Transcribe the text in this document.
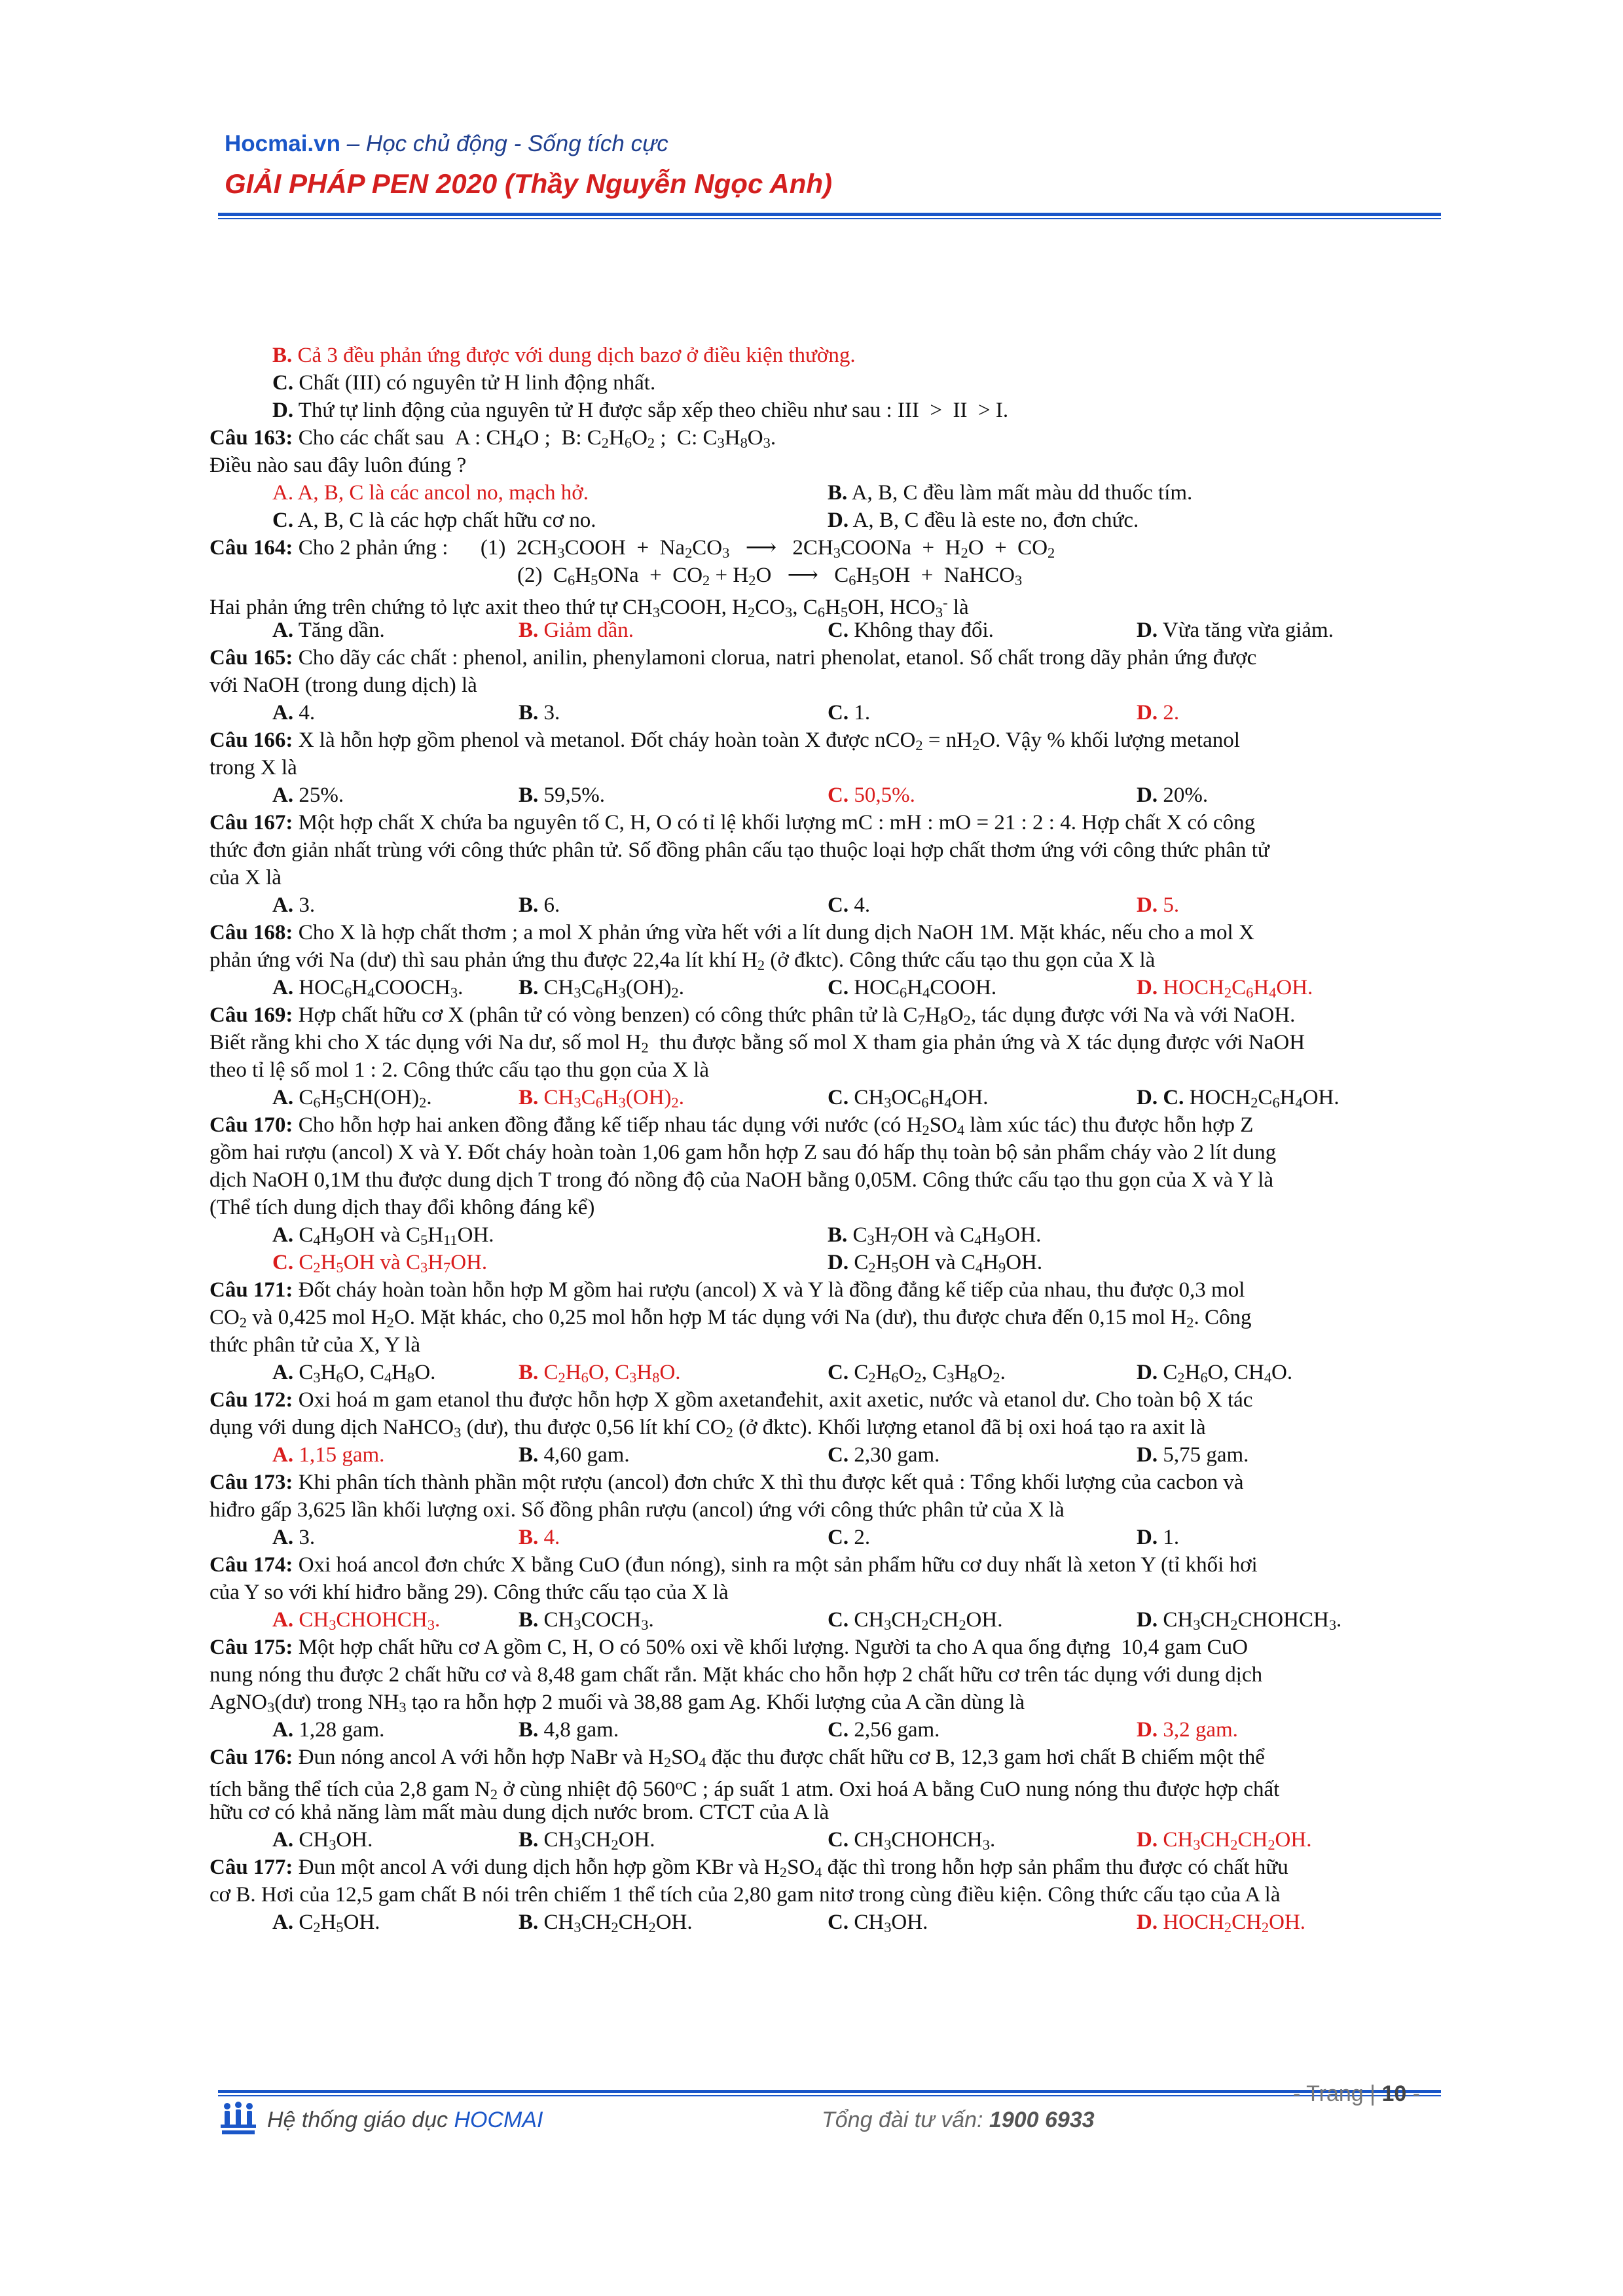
Hocmai.vn – Học chủ động - Sống tích cực
GIẢI PHÁP PEN 2020 (Thầy Nguyễn Ngọc Anh)
B. Cả 3 đều phản ứng được với dung dịch bazơ ở điều kiện thường.
C. Chất (III) có nguyên tử H linh động nhất.
D. Thứ tự linh động của nguyên tử H được sắp xếp theo chiều như sau : III  >  II  > I.
Câu 163: Cho các chất sau  A : $CH_4O$ ;  B: $C_2H_6O_2$ ;  C: $C_3H_8O_3$.
Điều nào sau đây luôn đúng ?
A. A, B, C là các ancol no, mạch hở.	B. A, B, C đều làm mất màu dd thuốc tím.
C. A, B, C là các hợp chất hữu cơ no.	D. A, B, C đều là este no, đơn chức.
Câu 164: Cho 2 phản ứng :      (1)  $2CH_3COOH + Na_2CO_3$ ⟶ $2CH_3COONa + H_2O + CO_2$
(2)  $C_6H_5ONa + CO_2 + H_2O$ ⟶ $C_6H_5OH$  +  NaHCO$_3$
Hai phản ứng trên chứng tỏ lực axit theo thứ tự $CH_3COOH$, $H_2CO_3$, $C_6H_5OH$, $HCO_3^-$ là
A. Tăng dần.	B. Giảm dần.	C. Không thay đổi.	D. Vừa tăng vừa giảm.
Câu 165: Cho dãy các chất : phenol, anilin, phenylamoni clorua, natri phenolat, etanol. Số chất trong dãy phản ứng được
với NaOH (trong dung dịch) là
A. 4.	B. 3.	C. 1.	D. 2.
Câu 166: X là hỗn hợp gồm phenol và metanol. Đốt cháy hoàn toàn X được $nCO_2 = nH_2O$. Vậy % khối lượng metanol
trong X là
A. 25%.	B. 59,5%.	C. 50,5%.	D. 20%.
Câu 167: Một hợp chất X chứa ba nguyên tố C, H, O có tỉ lệ khối lượng mC : mH : mO = 21 : 2 : 4. Hợp chất X có công
thức đơn giản nhất trùng với công thức phân tử. Số đồng phân cấu tạo thuộc loại hợp chất thơm ứng với công thức phân tử
của X là
A. 3.	B. 6.	C. 4.	D. 5.
Câu 168: Cho X là hợp chất thơm ; a mol X phản ứng vừa hết với a lít dung dịch NaOH 1M. Mặt khác, nếu cho a mol X
phản ứng với Na (dư) thì sau phản ứng thu được 22,4a lít khí $H_2$ (ở đktc). Công thức cấu tạo thu gọn của X là
A. $HOC_6H_4COOCH_3$.	B. $CH_3C_6H_3(OH)_2$.	C. $HOC_6H_4COOH$.	D. $HOCH_2C_6H_4OH$.
Câu 169: Hợp chất hữu cơ X (phân tử có vòng benzen) có công thức phân tử là $C_7H_8O_2$, tác dụng được với Na và với NaOH.
Biết rằng khi cho X tác dụng với Na dư, số mol $H_2$  thu được bằng số mol X tham gia phản ứng và X tác dụng được với NaOH
theo tỉ lệ số mol 1 : 2. Công thức cấu tạo thu gọn của X là
A. $C_6H_5CH(OH)_2$.	B. $CH_3C_6H_3(OH)_2$.	C. $CH_3OC_6H_4OH$.	D. C. $HOCH_2C_6H_4OH$.
Câu 170: Cho hỗn hợp hai anken đồng đẳng kế tiếp nhau tác dụng với nước (có $H_2SO_4$ làm xúc tác) thu được hỗn hợp Z
gồm hai rượu (ancol) X và Y. Đốt cháy hoàn toàn 1,06 gam hỗn hợp Z sau đó hấp thụ toàn bộ sản phẩm cháy vào 2 lít dung
dịch NaOH 0,1M thu được dung dịch T trong đó nồng độ của NaOH bằng 0,05M. Công thức cấu tạo thu gọn của X và Y là
(Thể tích dung dịch thay đổi không đáng kể)
A. $C_4H_9OH$ và $C_5H_{11}OH$.	B. $C_3H_7OH$ và $C_4H_9OH$.
C. $C_2H_5OH$ và $C_3H_7OH$.	D. $C_2H_5OH$ và $C_4H_9OH$.
Câu 171: Đốt cháy hoàn toàn hỗn hợp M gồm hai rượu (ancol) X và Y là đồng đẳng kế tiếp của nhau, thu được 0,3 mol
$CO_2$ và 0,425 mol $H_2O$. Mặt khác, cho 0,25 mol hỗn hợp M tác dụng với Na (dư), thu được chưa đến 0,15 mol $H_2$. Công
thức phân tử của X, Y là
A. $C_3H_6O$, $C_4H_8O$.	B. $C_2H_6O$, $C_3H_8O$.	C. $C_2H_6O_2$, $C_3H_8O_2$.	D. $C_2H_6O$, $CH_4O$.
Câu 172: Oxi hoá m gam etanol thu được hỗn hợp X gồm axetanđehit, axit axetic, nước và etanol dư. Cho toàn bộ X tác
dụng với dung dịch NaHCO$_3$ (dư), thu được 0,56 lít khí $CO_2$ (ở đktc). Khối lượng etanol đã bị oxi hoá tạo ra axit là
A. 1,15 gam.	B. 4,60 gam.	C. 2,30 gam.	D. 5,75 gam.
Câu 173: Khi phân tích thành phần một rượu (ancol) đơn chức X thì thu được kết quả : Tổng khối lượng của cacbon và
hiđro gấp 3,625 lần khối lượng oxi. Số đồng phân rượu (ancol) ứng với công thức phân tử của X là
A. 3.	B. 4.	C. 2.	D. 1.
Câu 174: Oxi hoá ancol đơn chức X bằng CuO (đun nóng), sinh ra một sản phẩm hữu cơ duy nhất là xeton Y (tỉ khối hơi
của Y so với khí hiđro bằng 29). Công thức cấu tạo của X là
A. $CH_3CHOHCH_3$.	B. $CH_3COCH_3$.	C. $CH_3CH_2CH_2OH$.	D. $CH_3CH_2CHOHCH_3$.
Câu 175: Một hợp chất hữu cơ A gồm C, H, O có 50% oxi về khối lượng. Người ta cho A qua ống đựng  10,4 gam CuO
nung nóng thu được 2 chất hữu cơ và 8,48 gam chất rắn. Mặt khác cho hỗn hợp 2 chất hữu cơ trên tác dụng với dung dịch
AgNO$_3$(dư) trong $NH_3$ tạo ra hỗn hợp 2 muối và 38,88 gam Ag. Khối lượng của A cần dùng là
A. 1,28 gam.	B. 4,8 gam.	C. 2,56 gam.	D. 3,2 gam.
Câu 176: Đun nóng ancol A với hỗn hợp NaBr và $H_2SO_4$ đặc thu được chất hữu cơ B, 12,3 gam hơi chất B chiếm một thể
tích bằng thể tích của 2,8 gam $N_2$ ở cùng nhiệt độ 560$^o$C ; áp suất 1 atm. Oxi hoá A bằng CuO nung nóng thu được hợp chất
hữu cơ có khả năng làm mất màu dung dịch nước brom. CTCT của A là
A. $CH_3OH$.	B. $CH_3CH_2OH$.	C. $CH_3CHOHCH_3$.	D. $CH_3CH_2CH_2OH$.
Câu 177: Đun một ancol A với dung dịch hỗn hợp gồm KBr và $H_2SO_4$ đặc thì trong hỗn hợp sản phẩm thu được có chất hữu
cơ B. Hơi của 12,5 gam chất B nói trên chiếm 1 thể tích của 2,80 gam nitơ trong cùng điều kiện. Công thức cấu tạo của A là
A. $C_2H_5OH$.	B. $CH_3CH_2CH_2OH$.	C. $CH_3OH$.	D. $HOCH_2CH_2OH$.
Hệ thống giáo dục HOCMAI	Tổng đài tư vấn: 1900 6933
- Trang | 10 -
